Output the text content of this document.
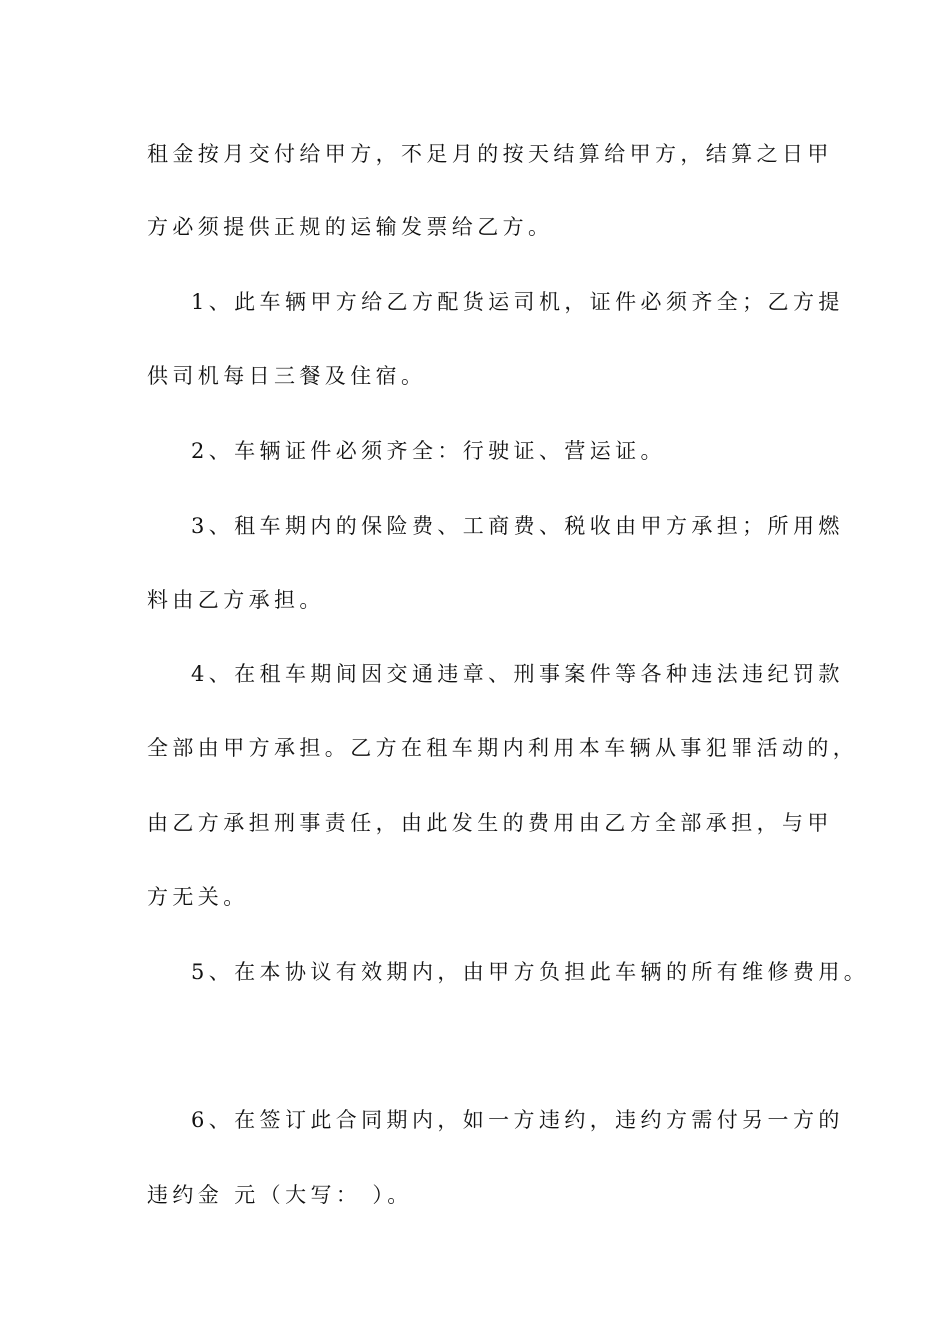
租金按月交付给甲方，不足月的按天结算给甲方，结算之日甲
方必须提供正规的运输发票给乙方。
1、此车辆甲方给乙方配货运司机，证件必须齐全；乙方提
供司机每日三餐及住宿。
2、车辆证件必须齐全：行驶证、营运证。
3、租车期内的保险费、工商费、税收由甲方承担；所用燃
料由乙方承担。
4、在租车期间因交通违章、刑事案件等各种违法违纪罚款
全部由甲方承担。乙方在租车期内利用本车辆从事犯罪活动的，
由乙方承担刑事责任，由此发生的费用由乙方全部承担，与甲
方无关。
5、在本协议有效期内，由甲方负担此车辆的所有维修费用。
6、在签订此合同期内，如一方违约，违约方需付另一方的
违约金 元（大写： ）。
